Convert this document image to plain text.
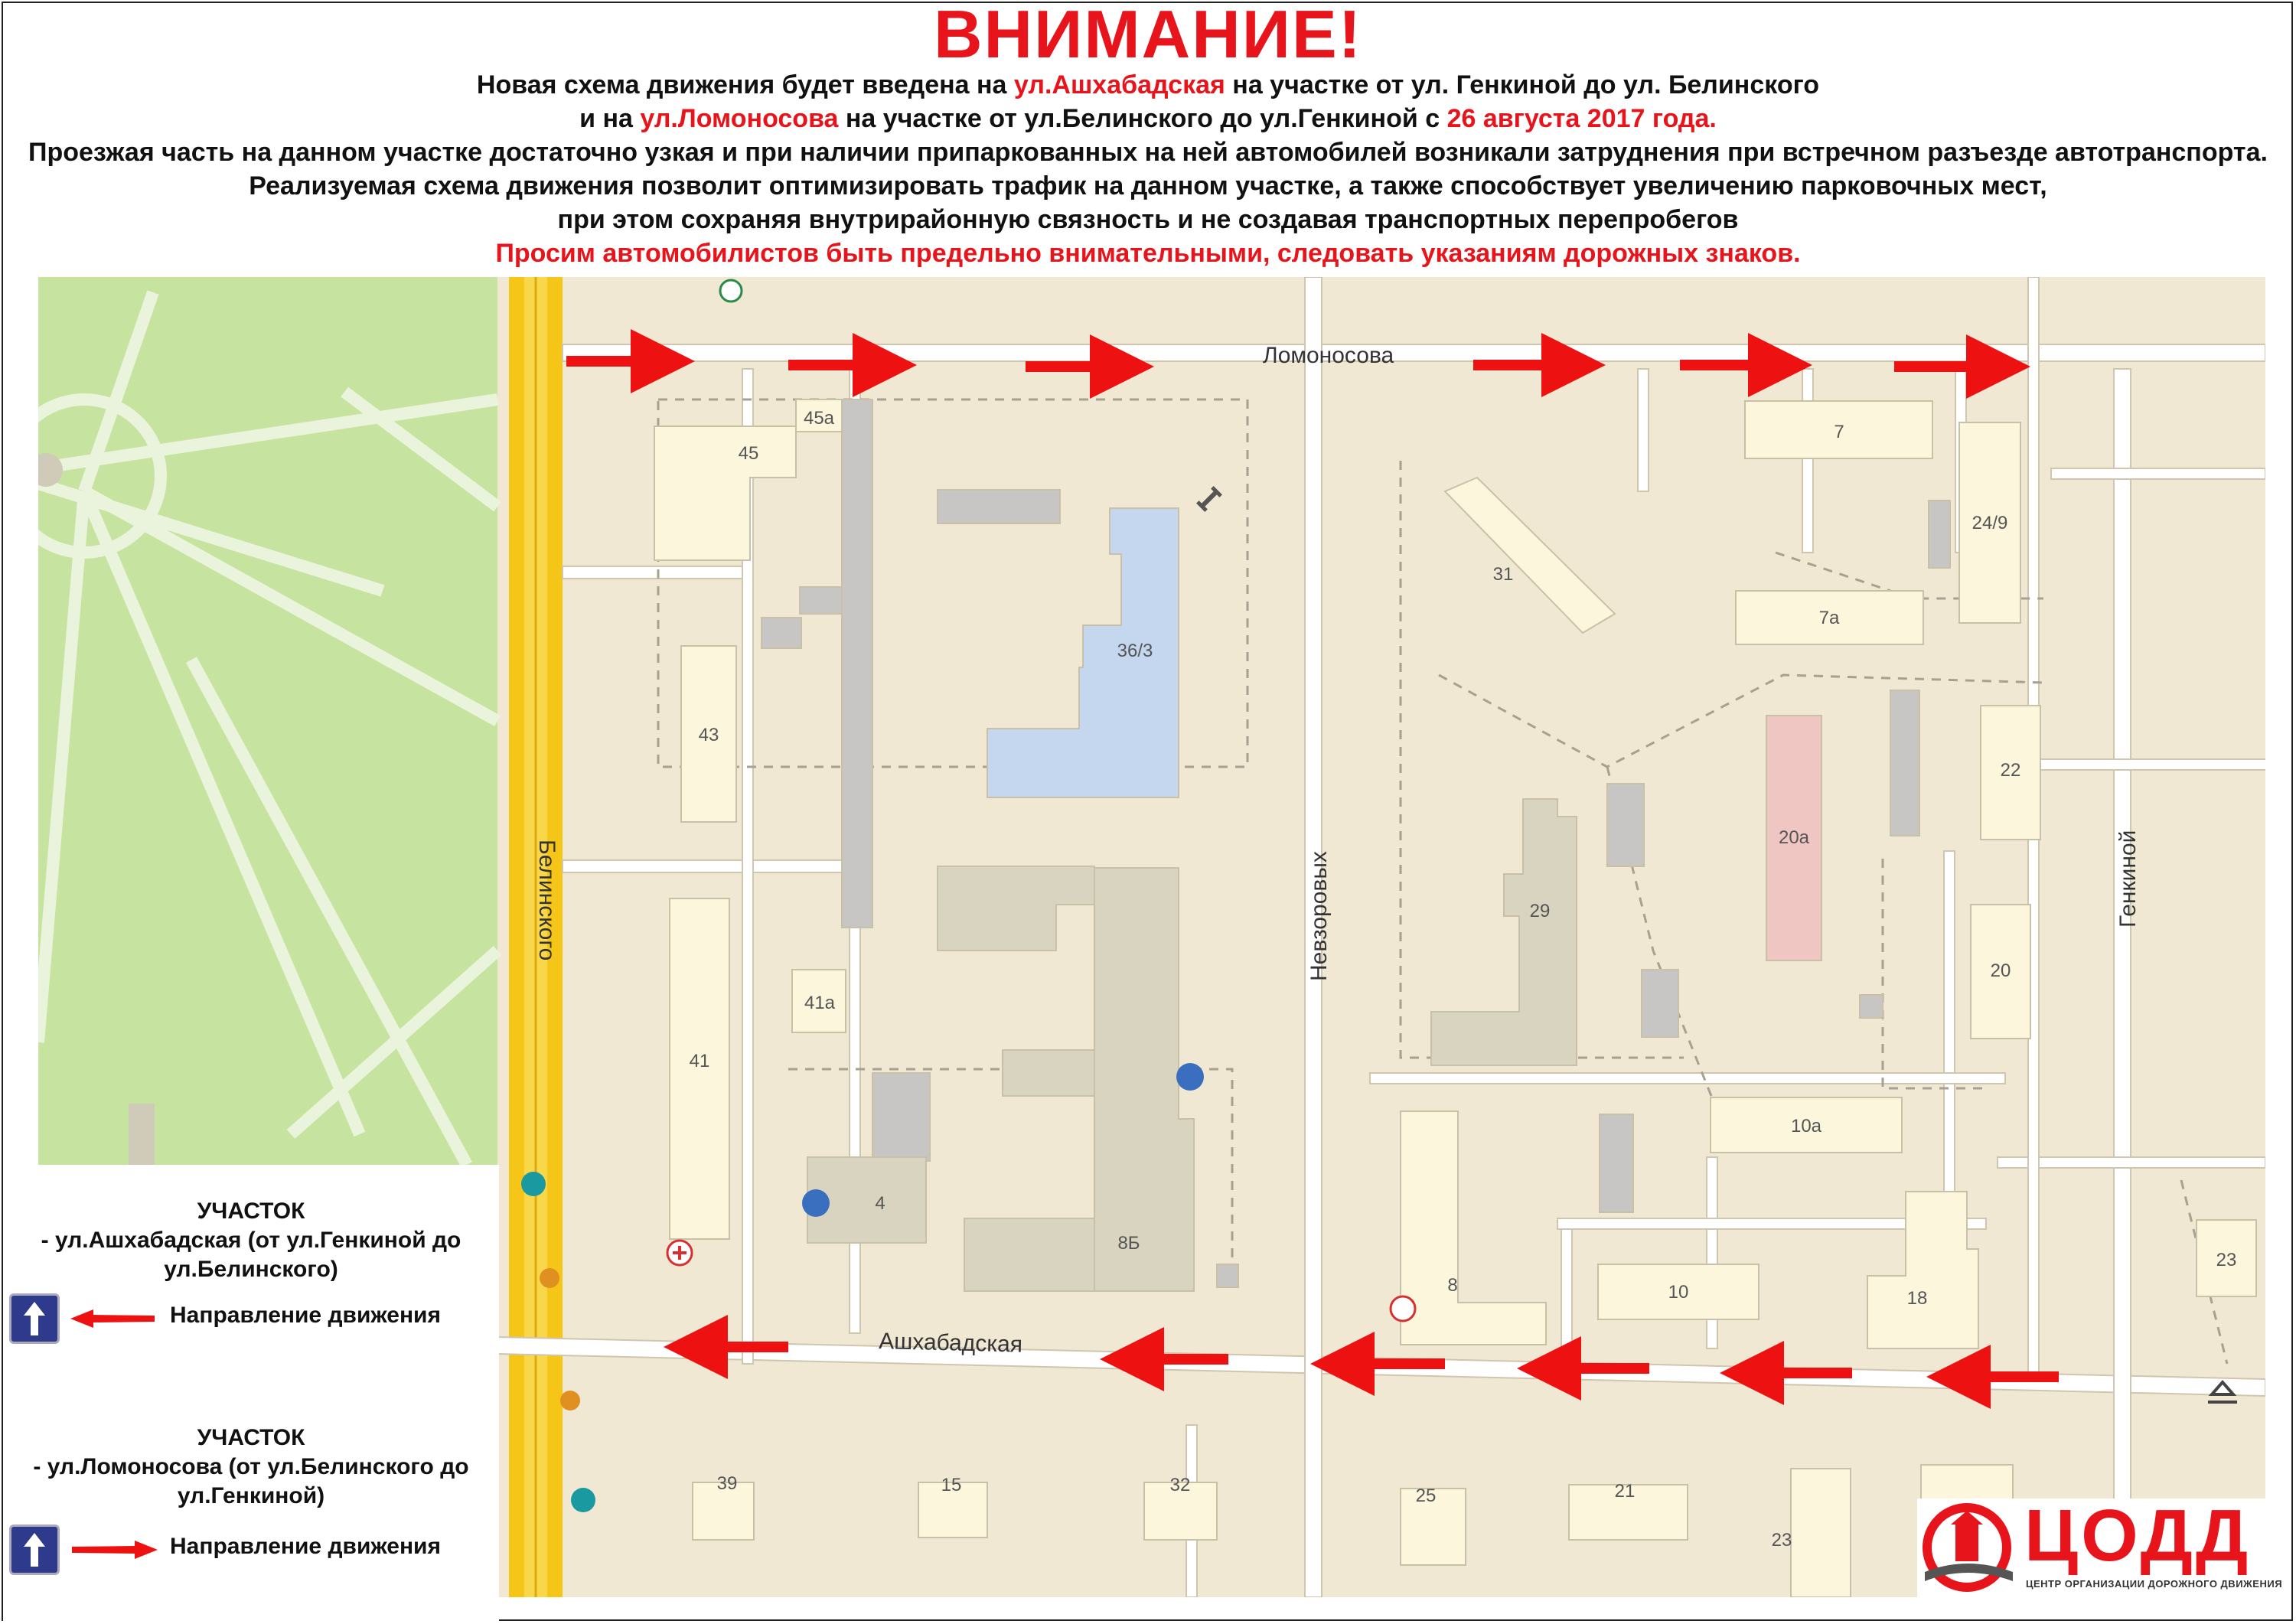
ВНИМАНИЕ!
Новая схема движения будет введена на ул.Ашхабадская на участке от ул. Генкиной до ул. Белинского
и на ул.Ломоносова на участке от ул.Белинского до ул.Генкиной с 26 августа 2017 года.
Проезжая часть на данном участке достаточно узкая и при наличии припаркованных на ней автомобилей возникали затруднения при встречном разъезде автотранспорта.
Реализуемая схема движения позволит оптимизировать трафик на данном участке, а также способствует увеличению парковочных мест,
при этом сохраняя внутрирайонную связность и не создавая транспортных перепробегов
Просим автомобилистов быть предельно внимательными, следовать указаниям дорожных знаков.
Ломоносова
Белинского	Невзоровых	Генкиной
Ашхабадская
45
45а
36/3
43
41а
41
4
8Б
7
24/9
31
7а
22
20а
29
20
10а
8	10	18
23
39	15	32
25	21
23
УЧАСТОК
- ул.Ашхабадская (от ул.Генкиной до
ул.Белинского)
Направление движения
УЧАСТОК
- ул.Ломоносова (от ул.Белинского до
ул.Генкиной)
Направление движения	ЦОДД
ЦЕНТР ОРГАНИЗАЦИИ ДОРОЖНОГО ДВИЖЕНИЯ
